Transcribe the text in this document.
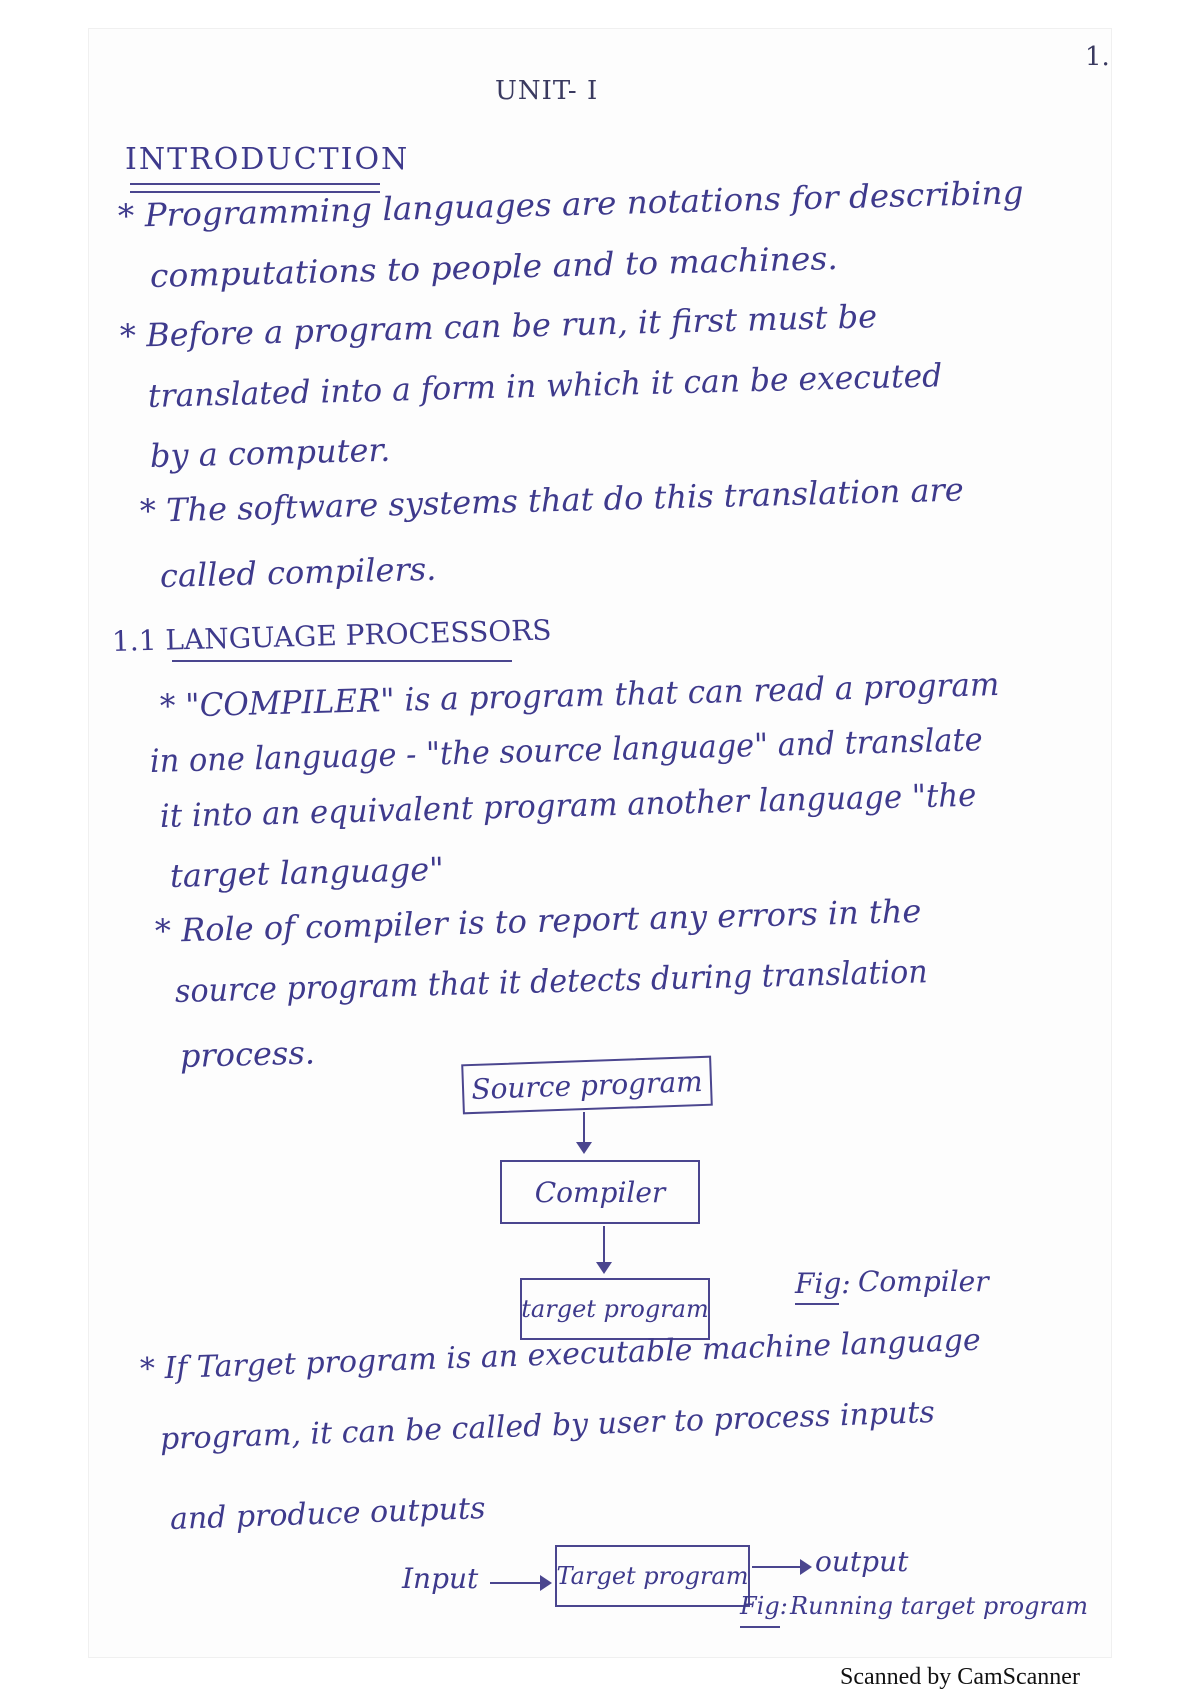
1.
UNIT- I
INTRODUCTION
* Programming languages are notations for describing
computations to people and to machines.
* Before a program can be run, it first must be
translated into a form in which it can be executed
by a computer.
* The software systems that do this translation are
called compilers.
1.1 LANGUAGE PROCESSORS
* "COMPILER" is a program that can read a program
in one language - "the source language" and translate
it into an equivalent program another language "the
target language"
* Role of compiler is to report any errors in the
source program that it detects during translation
process.
Source program
Compiler
target program
Fig: Compiler
* If Target program is an executable machine language
program, it can be called by user to process inputs
and produce outputs
Input	Target program output
Fig: Running target program
Scanned by CamScanner
